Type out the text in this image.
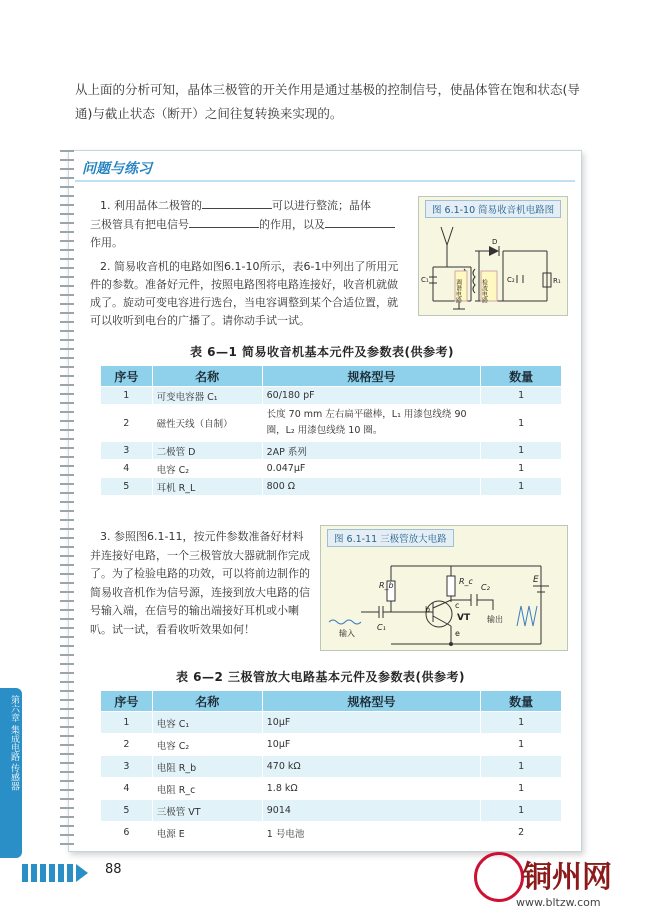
从上面的分析可知，晶体三极管的开关作用是通过基极的控制信号，使晶体管在饱和状态(导通)与截止状态（断开）之间往复转换来实现的。
问题与练习
1. 利用晶体二极管的	可以进行整流；晶体
三极管具有把电信号	的作用，以及
作用。
2. 简易收音机的电路如图6.1-10所示，表6-1中列出了所用元件的参数。准备好元件，按照电路图将电路连接好，收音机就做成了。旋动可变电容进行选台，当电容调整到某个合适位置，就可以收听到电台的广播了。请你动手试一试。
图 6.1-10 简易收音机电路图
D
C₁	调谐电路	检波电路	C₂	R₁
表 6—1 简易收音机基本元件及参数表(供参考)
序号	名称	规格型号	数量
1	可变电容器 C₁	60/180 pF	1
2	磁性天线（自制）	长度 70 mm 左右扁平磁棒，L₁ 用漆包线绕 90 圈，L₂ 用漆包线绕 10 圈。	1
3	二极管 D	2AP 系列	1
4	电容 C₂	0.047μF	1
5	耳机 R_L	800 Ω	1
3. 参照图6.1-11，按元件参数准备好材料并连接好电路，一个三极管放大器就制作完成了。为了检验电路的功效，可以将前边制作的简易收音机作为信号源，连接到放大电路的信号输入端，在信号的输出端接好耳机或小喇叭。试一试，看看收听效果如何！
图 6.1-11 三极管放大电路
R_b	R_c
C₂
E
C₁
b	c
e
VT 输出
输入
表 6—2 三极管放大电路基本元件及参数表(供参考)
序号	名称	规格型号	数量
1	电容 C₁	10μF	1
2	电容 C₂	10μF	1
3	电阻 R_b	470 kΩ	1
4	电阻 R_c	1.8 kΩ	1
5	三极管 VT	9014	1
6	电源 E	1 号电池	2
第六章 集成电路 传感器
88	铜州网
www.bltzw.com
